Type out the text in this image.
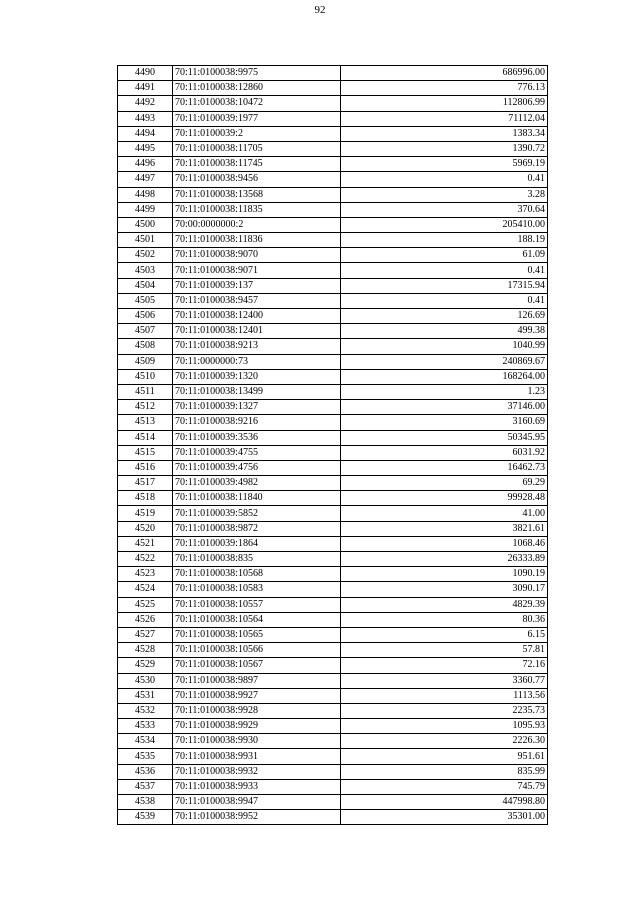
92
4490	70:11:0100038:9975	686996.00
4491	70:11:0100038:12860	776.13
4492	70:11:0100038:10472	112806.99
4493	70:11:0100039:1977	71112.04
4494	70:11:0100039:2	1383.34
4495	70:11:0100038:11705	1390.72
4496	70:11:0100038:11745	5969.19
4497	70:11:0100038:9456	0.41
4498	70:11:0100038:13568	3.28
4499	70:11:0100038:11835	370.64
4500	70:00:0000000:2	205410.00
4501	70:11:0100038:11836	188.19
4502	70:11:0100038:9070	61.09
4503	70:11:0100038:9071	0.41
4504	70:11:0100039:137	17315.94
4505	70:11:0100038:9457	0.41
4506	70:11:0100038:12400	126.69
4507	70:11:0100038:12401	499.38
4508	70:11:0100038:9213	1040.99
4509	70:11:0000000:73	240869.67
4510	70:11:0100039:1320	168264.00
4511	70:11:0100038:13499	1.23
4512	70:11:0100039:1327	37146.00
4513	70:11:0100038:9216	3160.69
4514	70:11:0100039:3536	50345.95
4515	70:11:0100039:4755	6031.92
4516	70:11:0100039:4756	16462.73
4517	70:11:0100039:4982	69.29
4518	70:11:0100038:11840	99928.48
4519	70:11:0100039:5852	41.00
4520	70:11:0100038:9872	3821.61
4521	70:11:0100039:1864	1068.46
4522	70:11:0100038:835	26333.89
4523	70:11:0100038:10568	1090.19
4524	70:11:0100038:10583	3090.17
4525	70:11:0100038:10557	4829.39
4526	70:11:0100038:10564	80.36
4527	70:11:0100038:10565	6.15
4528	70:11:0100038:10566	57.81
4529	70:11:0100038:10567	72.16
4530	70:11:0100038:9897	3360.77
4531	70:11:0100038:9927	1113.56
4532	70:11:0100038:9928	2235.73
4533	70:11:0100038:9929	1095.93
4534	70:11:0100038:9930	2226.30
4535	70:11:0100038:9931	951.61
4536	70:11:0100038:9932	835.99
4537	70:11:0100038:9933	745.79
4538	70:11:0100038:9947	447998.80
4539	70:11:0100038:9952	35301.00
